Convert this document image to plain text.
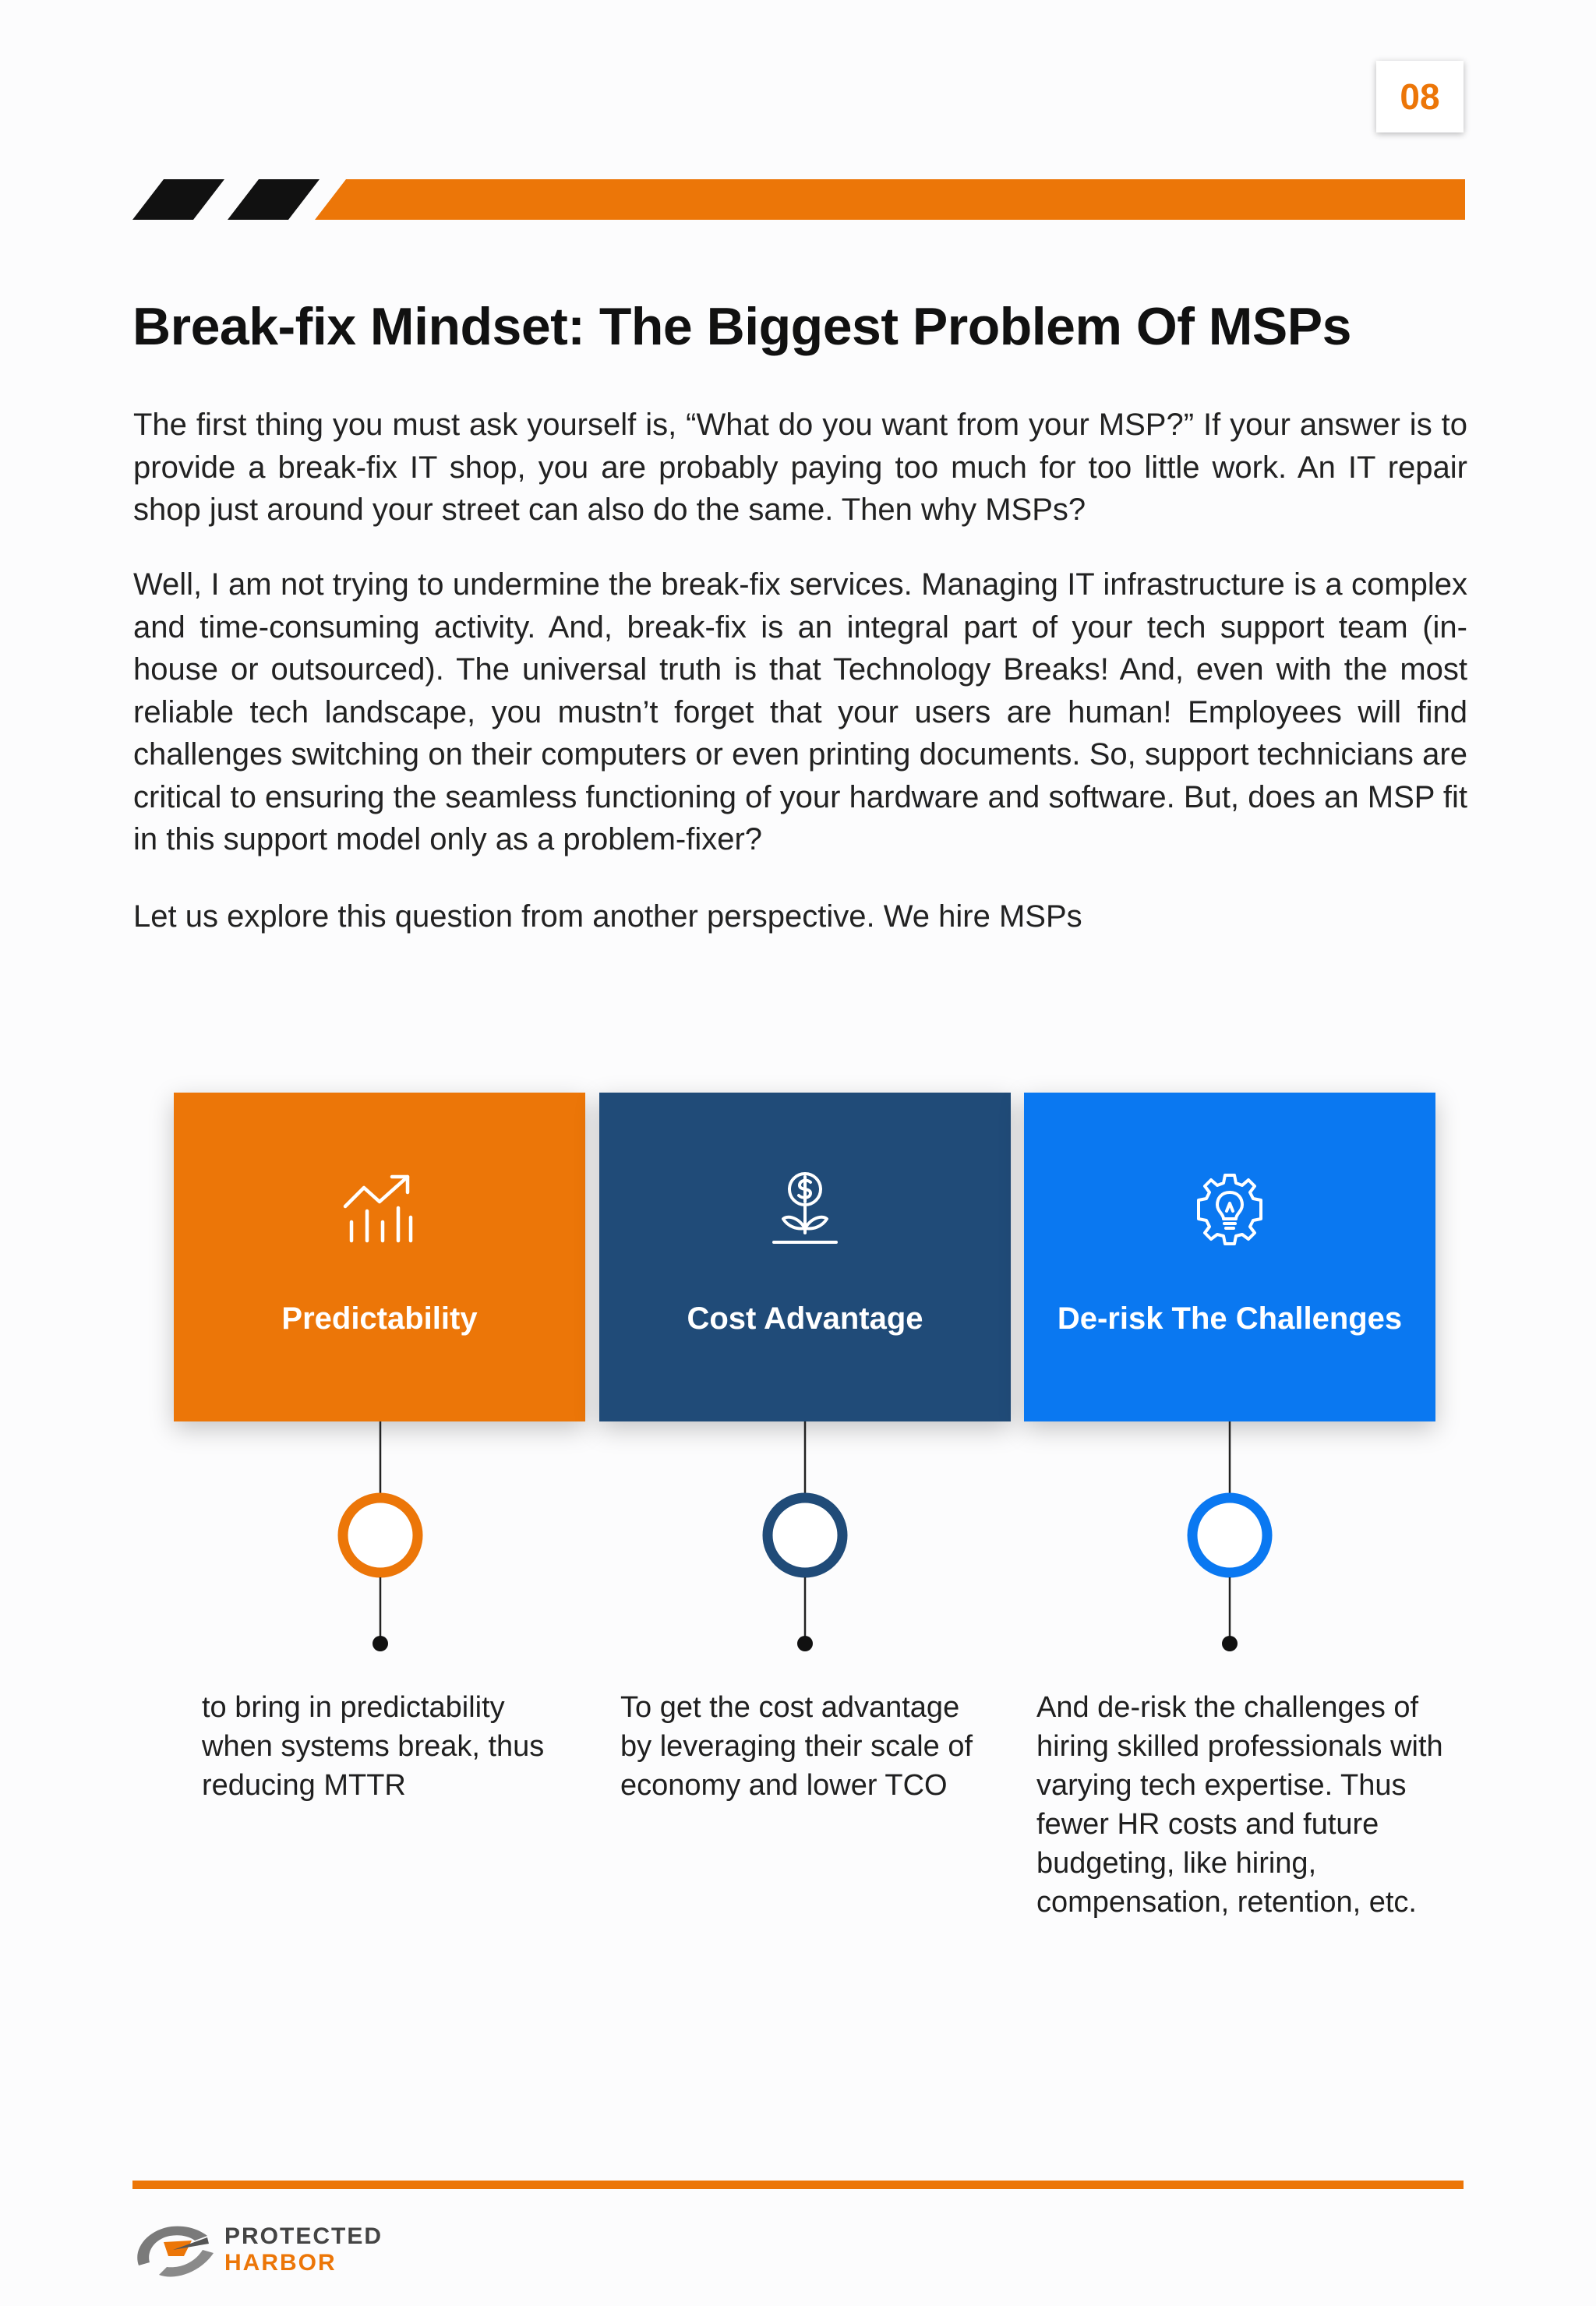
08
Break-fix Mindset: The Biggest Problem Of MSPs

The first thing you must ask yourself is, “What do you want from your MSP?” If your answer is to provide a break-fix IT shop, you are probably paying too much for too little work. An IT repair shop just around your street can also do the same. Then why MSPs?

Well, I am not trying to undermine the break-fix services. Managing IT infrastructure is a complex and time-consuming activity. And, break-fix is an integral part of your tech support team (in-house or outsourced). The universal truth is that Technology Breaks! And, even with the most reliable tech landscape, you mustn’t forget that your users are human! Employees will find challenges switching on their computers or even printing documents. So, support technicians are critical to ensuring the seamless functioning of your hardware and software. But, does an MSP fit in this support model only as a problem-fixer?

Let us explore this question from another perspective. We hire MSPs

Predictability	Cost Advantage	De-risk The Challenges

to bring in predictability when systems break, thus reducing MTTR

To get the cost advantage by leveraging their scale of economy and lower TCO

And de-risk the challenges of hiring skilled professionals with varying tech expertise. Thus fewer HR costs and future budgeting, like hiring, compensation, retention, etc.

PROTECTED
HARBOR
